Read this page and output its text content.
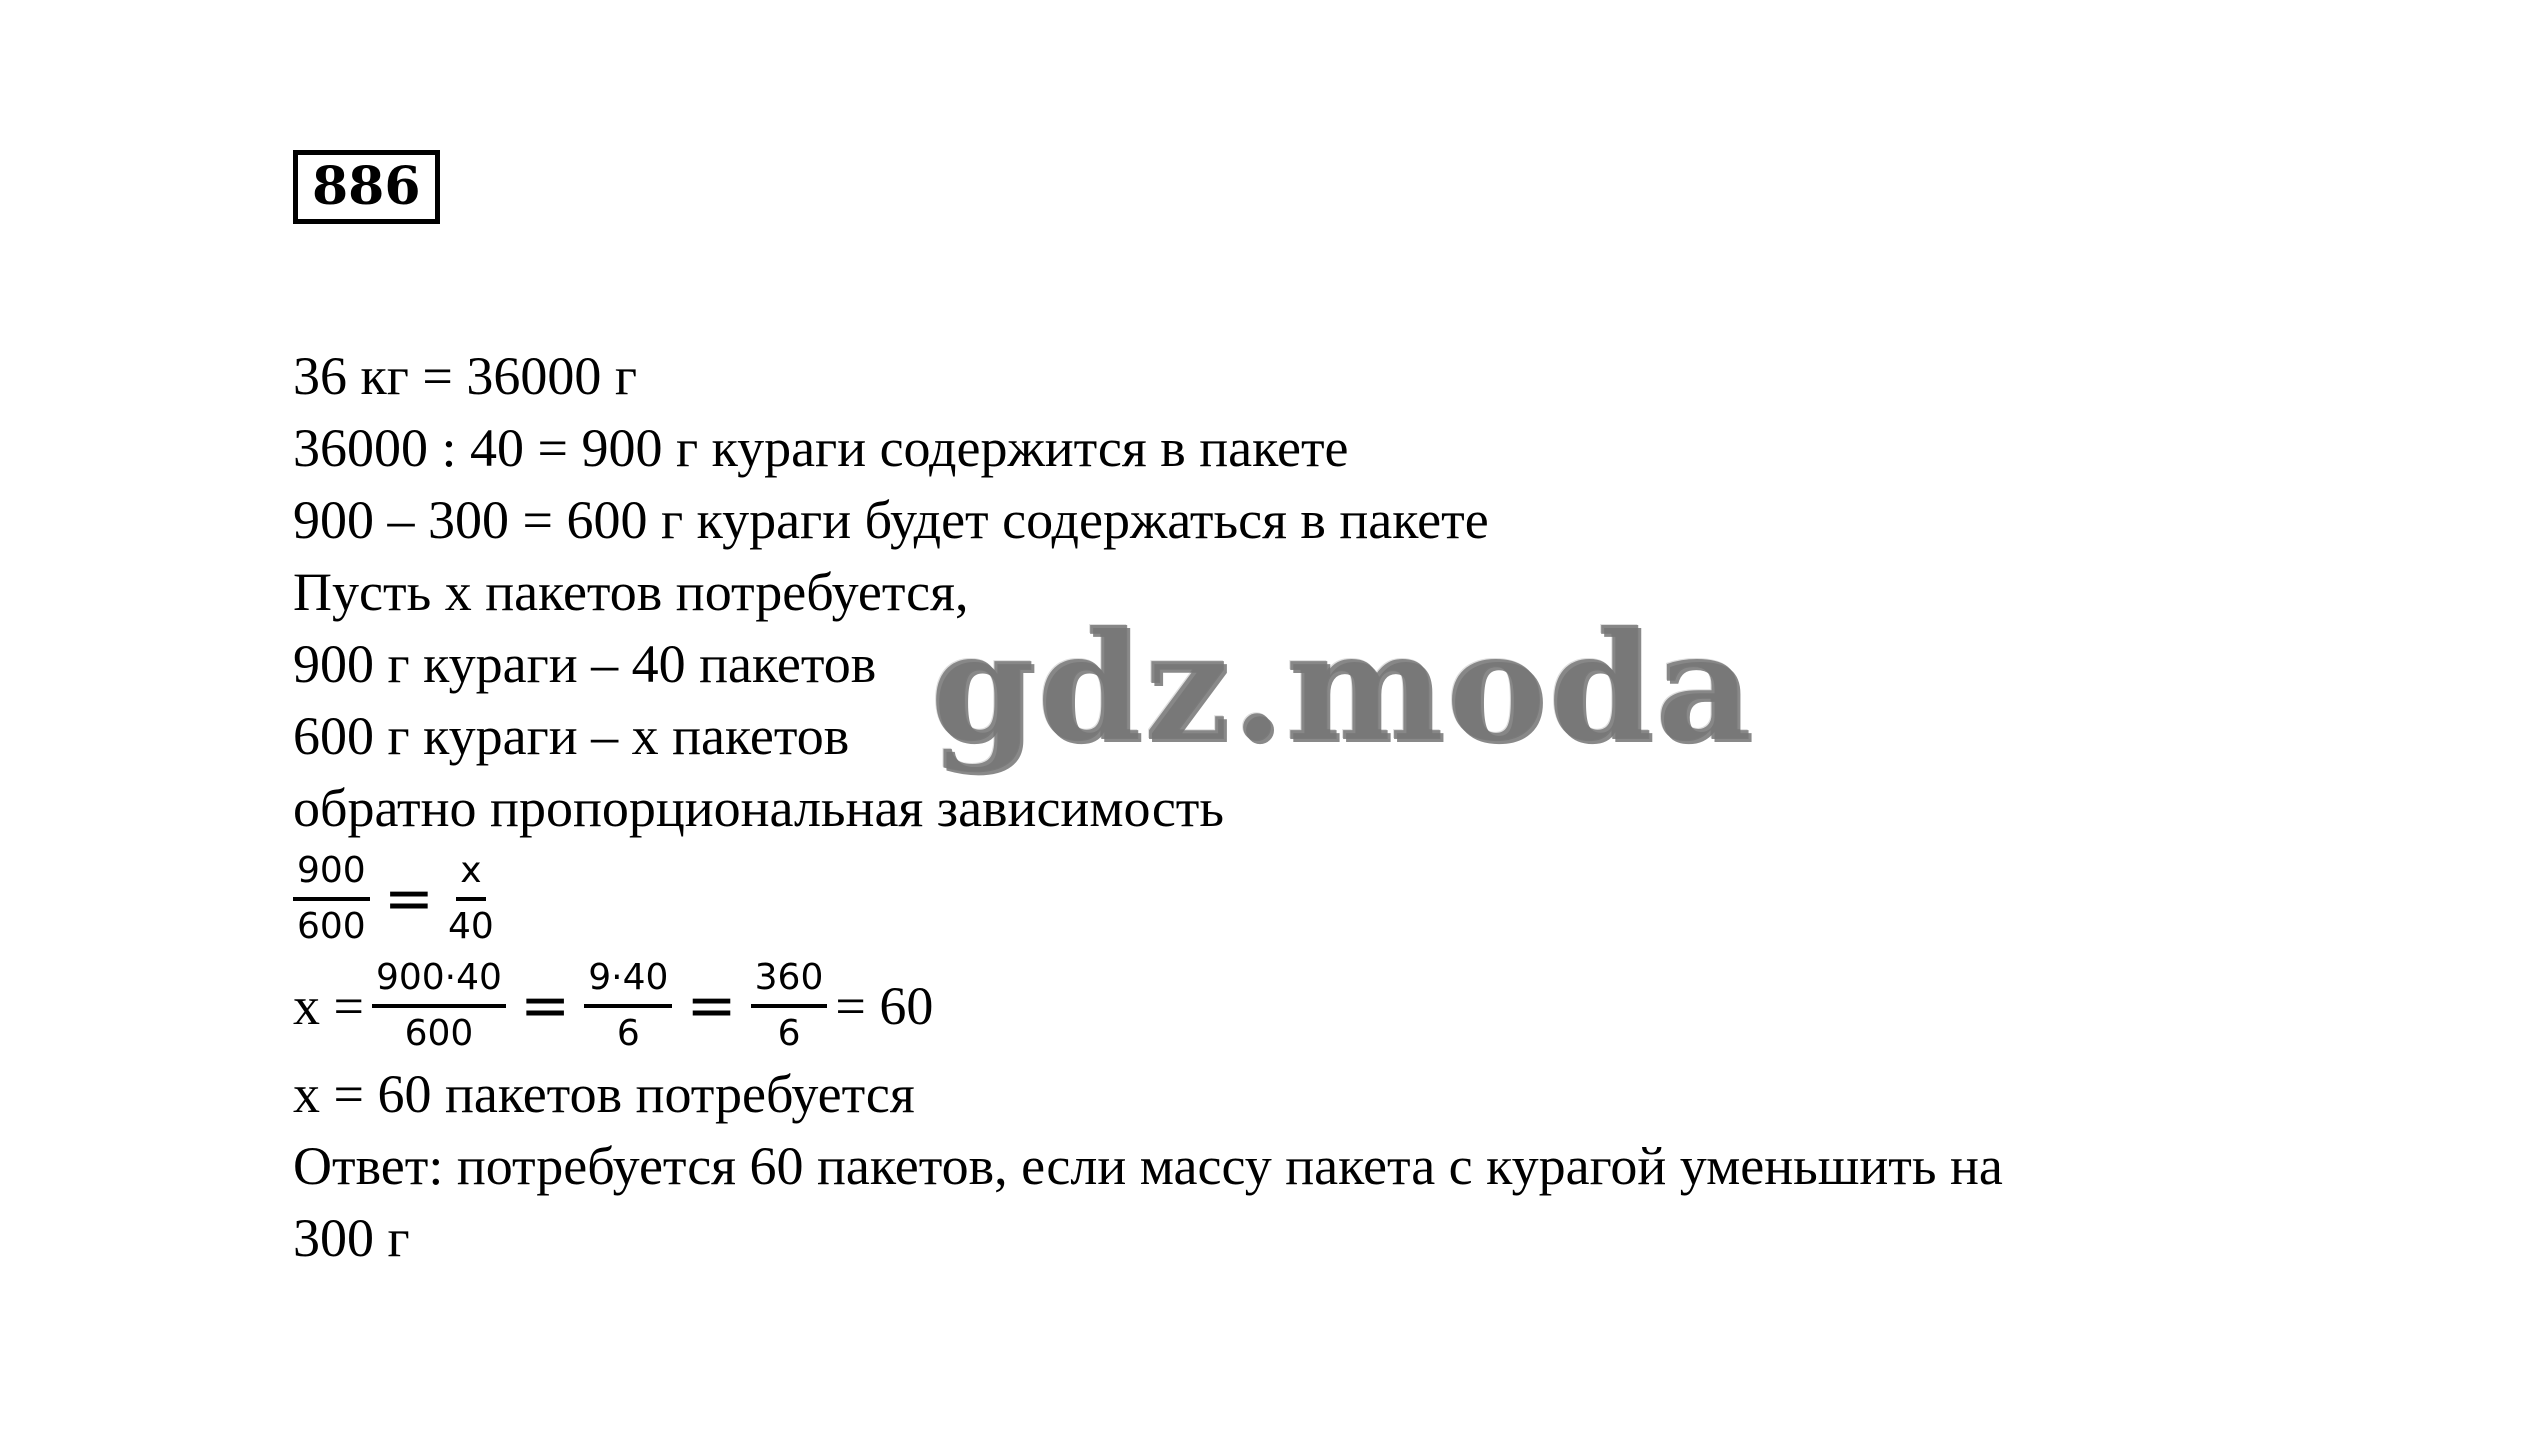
886
36 кг = 36000 г
36000 : 40 = 900 г кураги содержится в пакете
900 – 300 = 600 г кураги будет содержаться в пакете
Пусть x пакетов потребуется,
900 г кураги – 40 пакетов
600 г кураги – x пакетов
обратно пропорциональная зависимость
$\frac{900}{600} = \frac{x}{40}$
$x = \frac{900\cdot 40}{600} = \frac{9\cdot 40}{6} = \frac{360}{6} = 60$
x = 60 пакетов потребуется
Ответ: потребуется 60 пакетов, если массу пакета с курагой уменьшить на
300 г
gdz.moda
